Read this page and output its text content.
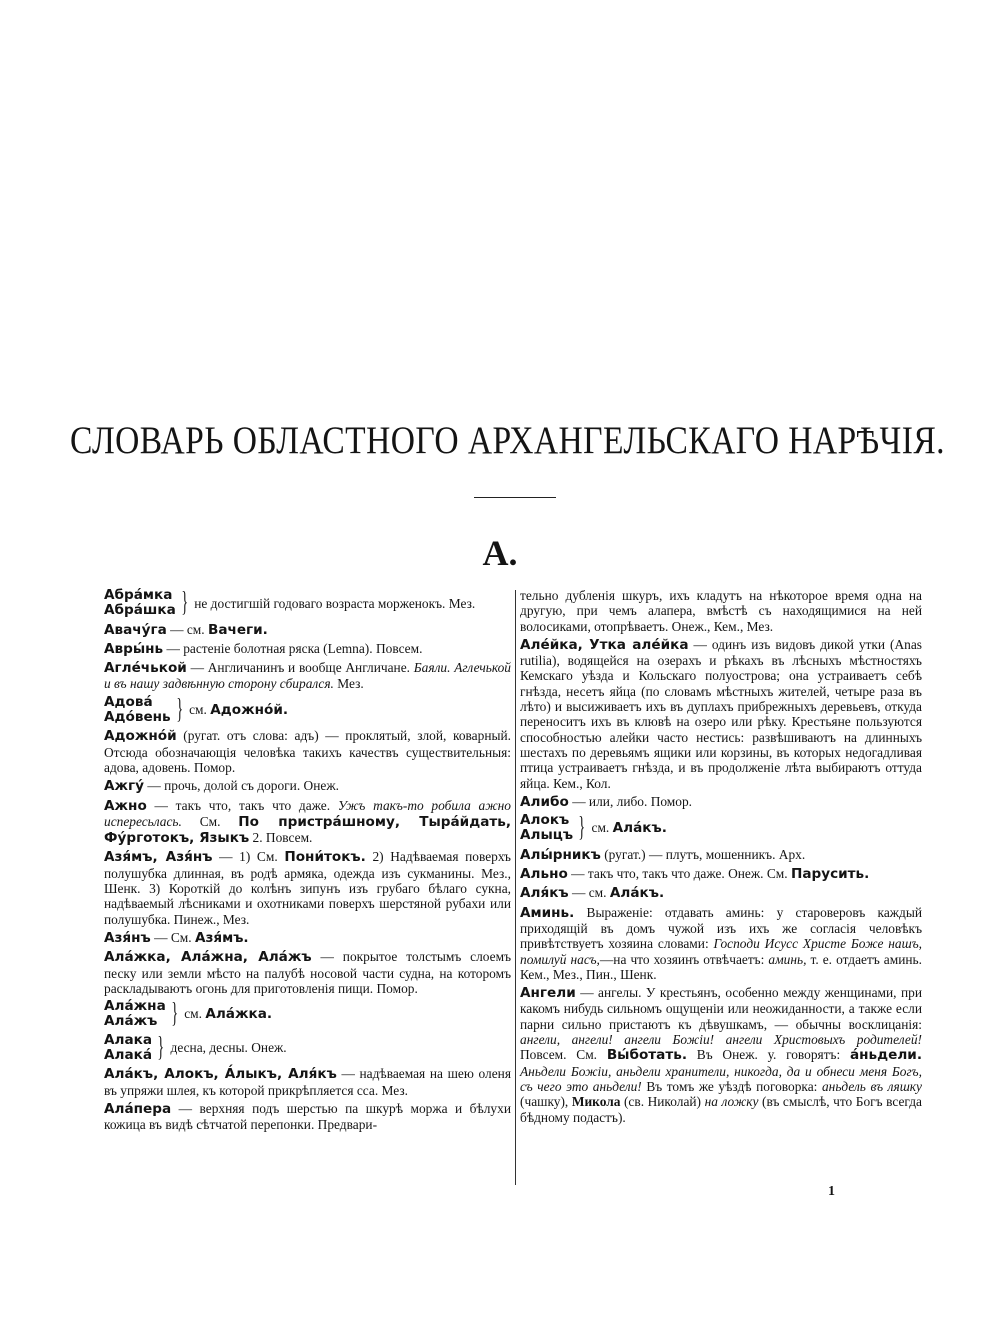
СЛОВАРЬ ОБЛАСТНОГО АРХАНГЕЛЬСКАГО НАРѢЧІЯ.
А.
Абра́мка
Абра́шка } не достигшій годоваго возраста морженокъ. Мез.
Авачу́га — см. Вачеги.
Авры́нь — растеніе болотная ряска (Lemna). Повсем.
Агле́чькой — Англичанинъ и вообще Англичане. Баяли. Аглечькой и въ нашу задвѣнную сторону сбирался. Мез.
Адова́
Адо́вень } см. Адожно́й.
Адожно́й (ругат. отъ слова: адъ) — проклятый, злой, коварный. Отсюда обозначающія человѣка такихъ качествъ существительныя: адова, адовень. Помор.
Ажгу́ — прочь, долой съ дороги. Онеж.
Ажно — такъ что, такъ что даже. Ужъ такъ-то робила ажно испересьлась. См. По пристра́шному, Тыра́йдать, Фу́рготокъ, Языкъ 2. Повсем.
Азя́мъ, Азя́нъ — 1) См. Пони́токъ. 2) Надѣваемая поверхъ полушубка длинная, въ родѣ армяка, одежда изъ сукманины. Мез., Шенк. 3) Короткій до колѣнъ зипунъ изъ грубаго бѣлаго сукна, надѣваемый лѣсниками и охотниками поверхъ шерстяной рубахи или полушубка. Пинеж., Мез.
Азя́нъ — См. Азя́мъ.
Ала́жка, Ала́жна, Ала́жъ — покрытое толстымъ слоемъ песку или земли мѣсто на палубѣ носовой части судна, на которомъ раскладываютъ огонь для приготовленія пищи. Помор.
Ала́жна
Ала́жъ } см. Ала́жка.
Алака
Алака́ } десна, десны. Онеж.
Ала́къ, Алокъ, А́лыкъ, Аля́къ — надѣваемая на шею оленя въ упряжи шлея, къ которой прикрѣпляется сса. Мез.
Ала́пера — верхняя подъ шерстью па шкурѣ моржа и бѣлухи кожица въ видѣ сѣтчатой перепонки. Предвари-
тельно дубленія шкуръ, ихъ кладутъ на нѣкоторое время одна на другую, при чемъ алапера, вмѣстѣ съ находящимися на ней волосиками, отопрѣваетъ. Онеж., Кем., Мез.
Але́йка, Утка але́йка — одинъ изъ видовъ дикой утки (Anas rutilia), водящейся на озерахъ и рѣкахъ въ лѣсныхъ мѣстностяхъ Кемскаго уѣзда и Кольскаго полуострова; она устраиваетъ себѣ гнѣзда, несетъ яйца (по словамъ мѣстныхъ жителей, четыре раза въ лѣто) и высиживаетъ ихъ въ дуплахъ прибрежныхъ деревьевъ, откуда переноситъ ихъ въ клювѣ на озеро или рѣку. Крестьяне пользуются способностью алейки часто нестись: развѣшиваютъ на длинныхъ шестахъ по деревьямъ ящики или корзины, въ которых недогадливая птица устраиваетъ гнѣзда, и въ продолженіе лѣта выбираютъ оттуда яйца. Кем., Кол.
Алибо — или, либо. Помор.
Алокъ
Алыцъ } см. Ала́къ.
Алы́рникъ (ругат.) — плутъ, мошенникъ. Арх.
Ально — такъ что, такъ что даже. Онеж. См. Парусить.
Аля́къ — см. Ала́къ.
Аминь. Выраженіе: отдавать аминь: у староверовъ каждый приходящій въ домъ чужой изъ ихъ же согласія человѣкъ привѣтствуетъ хозяина словами: Господи Исусс Христе Боже нашъ, помилуй насъ,—на что хозяинъ отвѣчаетъ: аминь, т. е. отдаетъ аминь. Кем., Мез., Пин., Шенк.
Ангели — ангелы. У крестьянъ, особенно между женщинами, при какомъ нибудь сильномъ ощущеніи или неожиданности, а также если парни сильно пристаютъ къ дѣвушкамъ, — обычны восклицанія: ангели, ангели! ангели Божіи! ангели Христовыхъ родителей! Повсем. См. Вы́ботать. Въ Онеж. у. говорятъ: а́ньдели. Аньдели Божіи, аньдели хранители, никогда, да и обнеси меня Богъ, съ чего это аньдели! Въ томъ же уѣздѣ поговорка: аньдель въ ляшку (чашку), Микола (св. Николай) на ложку (въ смыслѣ, что Богъ всегда бѣдному подастъ).
1
